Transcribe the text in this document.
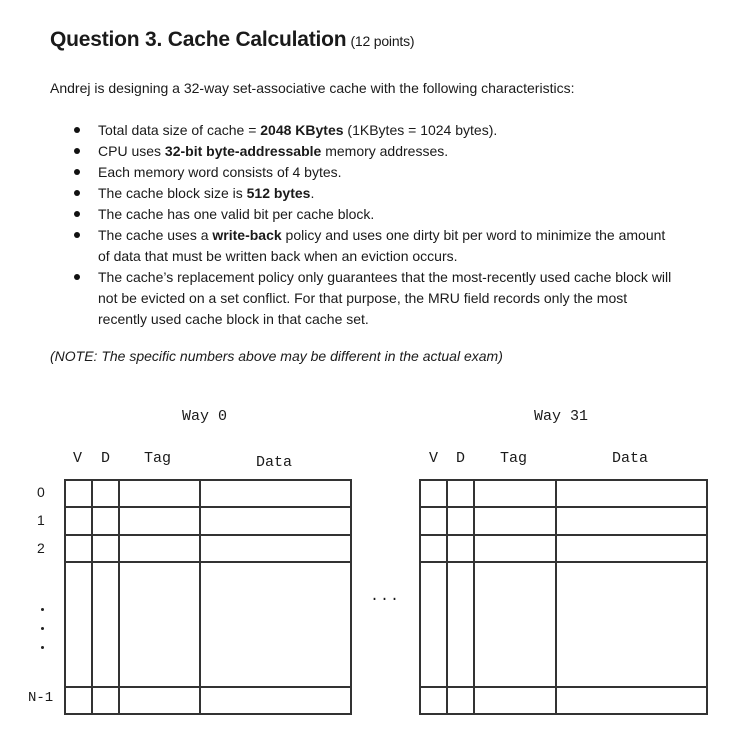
Question 3. Cache Calculation (12 points)
Andrej is designing a 32-way set-associative cache with the following characteristics:
Total data size of cache = 2048 KBytes (1KBytes = 1024 bytes).
CPU uses 32-bit byte-addressable memory addresses.
Each memory word consists of 4 bytes.
The cache block size is 512 bytes.
The cache has one valid bit per cache block.
The cache uses a write-back policy and uses one dirty bit per word to minimize the amount of data that must be written back when an eviction occurs.
The cache’s replacement policy only guarantees that the most-recently used cache block will not be evicted on a set conflict. For that purpose, the MRU field records only the most recently used cache block in that cache set.
(NOTE: The specific numbers above may be different in the actual exam)
Way 0	Way 31
V D Tag	Data	V D Tag	Data
0
1
2
N-1
...
